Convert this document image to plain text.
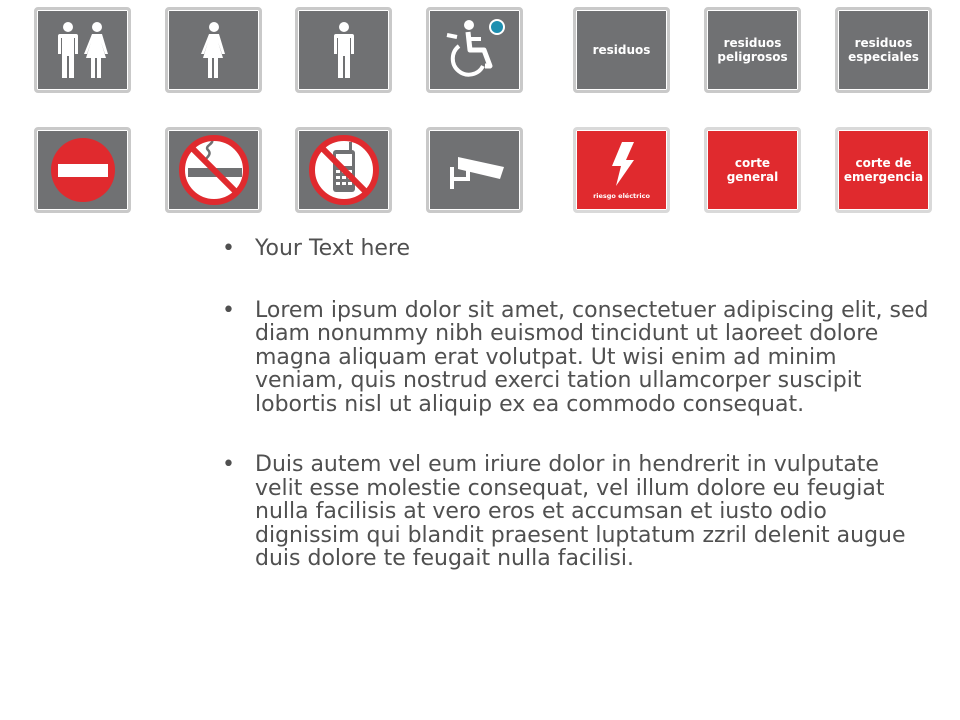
residuos	residuos peligrosos
residuos especiales
riesgo eléctrico
corte general
corte de emergencia
• Your Text here
• Lorem ipsum dolor sit amet, consectetuer adipiscing elit, sed diam nonummy nibh euismod tincidunt ut laoreet dolore magna aliquam erat volutpat. Ut wisi enim ad minim veniam, quis nostrud exerci tation ullamcorper suscipit lobortis nisl ut aliquip ex ea commodo consequat.
• Duis autem vel eum iriure dolor in hendrerit in vulputate velit esse molestie consequat, vel illum dolore eu feugiat nulla facilisis at vero eros et accumsan et iusto odio dignissim qui blandit praesent luptatum zzril delenit augue duis dolore te feugait nulla facilisi.
